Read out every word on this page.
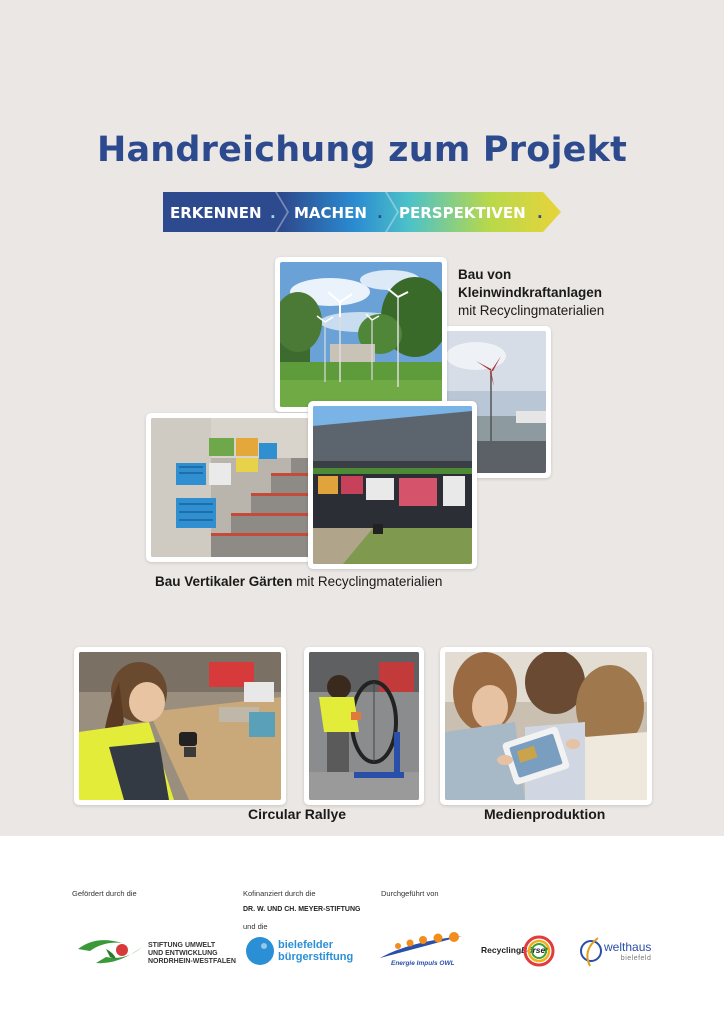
Handreichung zum Projekt
ERKENNEN . MACHEN . PERSPEKTIVEN .
Bau von
Kleinwindkraftanlagen
mit Recyclingmaterialien
Bau Vertikaler Gärten mit Recyclingmaterialien
Circular Rallye	Medienproduktion
Gefördert durch die	Kofinanziert durch die
DR. W. UND CH. MEYER-STIFTUNG
und die
Durchgeführt von
STIFTUNG UMWELT
UND ENTWICKLUNG
NORDRHEIN-WESTFALEN
bielefelder
bürgerstiftung
Energie Impuls OWL
RecyclingBörse!	welthaus
bielefeld
